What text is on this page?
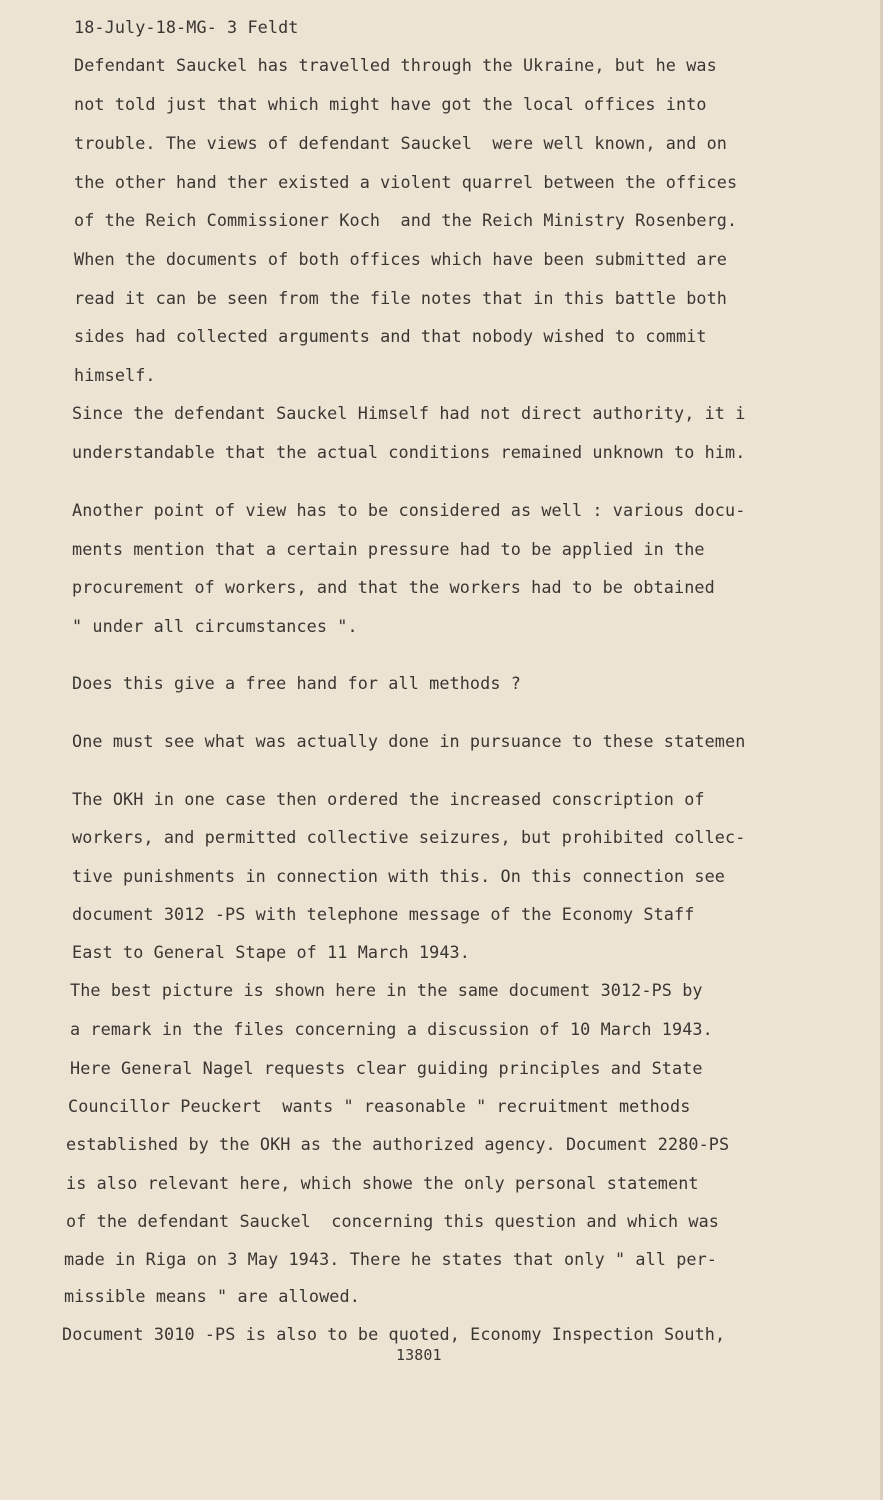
18-July-18-MG- 3 Feldt
Defendant Sauckel has travelled through the Ukraine, but he was
not told just that which might have got the local offices into
trouble. The views of defendant Sauckel  were well known, and on
the other hand ther existed a violent quarrel between the offices
of the Reich Commissioner Koch  and the Reich Ministry Rosenberg.
When the documents of both offices which have been submitted are
read it can be seen from the file notes that in this battle both
sides had collected arguments and that nobody wished to commit
himself.
Since the defendant Sauckel Himself had not direct authority, it i
understandable that the actual conditions remained unknown to him.
Another point of view has to be considered as well : various docu-
ments mention that a certain pressure had to be applied in the
procurement of workers, and that the workers had to be obtained
" under all circumstances ".
Does this give a free hand for all methods ?
One must see what was actually done in pursuance to these statemen
The OKH in one case then ordered the increased conscription of
workers, and permitted collective seizures, but prohibited collec-
tive punishments in connection with this. On this connection see
document 3012 -PS with telephone message of the Economy Staff
East to General Stape of 11 March 1943.
The best picture is shown here in the same document 3012-PS by
a remark in the files concerning a discussion of 10 March 1943.
Here General Nagel requests clear guiding principles and State
Councillor Peuckert  wants " reasonable " recruitment methods
established by the OKH as the authorized agency. Document 2280-PS
is also relevant here, which showe the only personal statement
of the defendant Sauckel  concerning this question and which was
made in Riga on 3 May 1943. There he states that only " all per-
missible means " are allowed.
Document 3010 -PS is also to be quoted, Economy Inspection South,
13801
